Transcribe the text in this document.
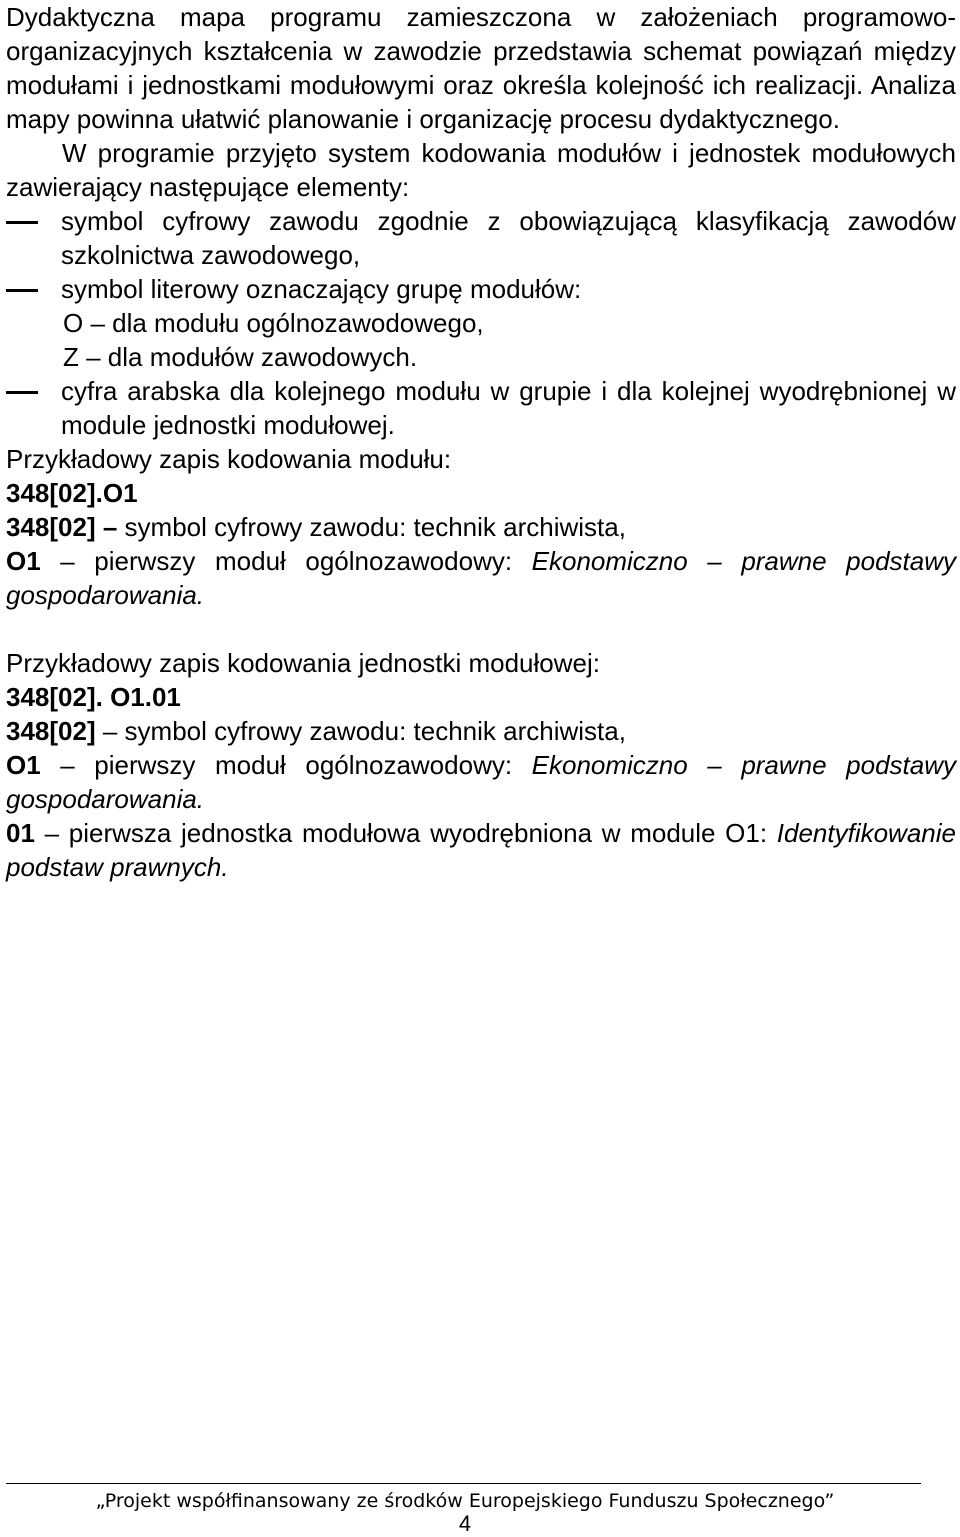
Dydaktyczna mapa programu zamieszczona w założeniach programowo-organizacyjnych kształcenia w zawodzie przedstawia schemat powiązań między modułami i jednostkami modułowymi oraz określa kolejność ich realizacji. Analiza mapy powinna ułatwić planowanie i organizację procesu dydaktycznego.

W programie przyjęto system kodowania modułów i jednostek modułowych zawierający następujące elementy:

symbol cyfrowy zawodu zgodnie z obowiązującą klasyfikacją zawodów szkolnictwa zawodowego,

symbol literowy oznaczający grupę modułów:

O – dla modułu ogólnozawodowego,

Z – dla modułów zawodowych.

cyfra arabska dla kolejnego modułu w grupie i dla kolejnej wyodrębnionej w module jednostki modułowej.

Przykładowy zapis kodowania modułu:

348[02].O1

348[02] – symbol cyfrowy zawodu: technik archiwista,

O1 – pierwszy moduł ogólnozawodowy: Ekonomiczno – prawne podstawy gospodarowania.

Przykładowy zapis kodowania jednostki modułowej:

348[02]. O1.01

348[02] – symbol cyfrowy zawodu: technik archiwista,

O1 – pierwszy moduł ogólnozawodowy: Ekonomiczno – prawne podstawy gospodarowania.

01 – pierwsza jednostka modułowa wyodrębniona w module O1: Identyfikowanie podstaw prawnych.

„Projekt współfinansowany ze środków Europejskiego Funduszu Społecznego”
4
